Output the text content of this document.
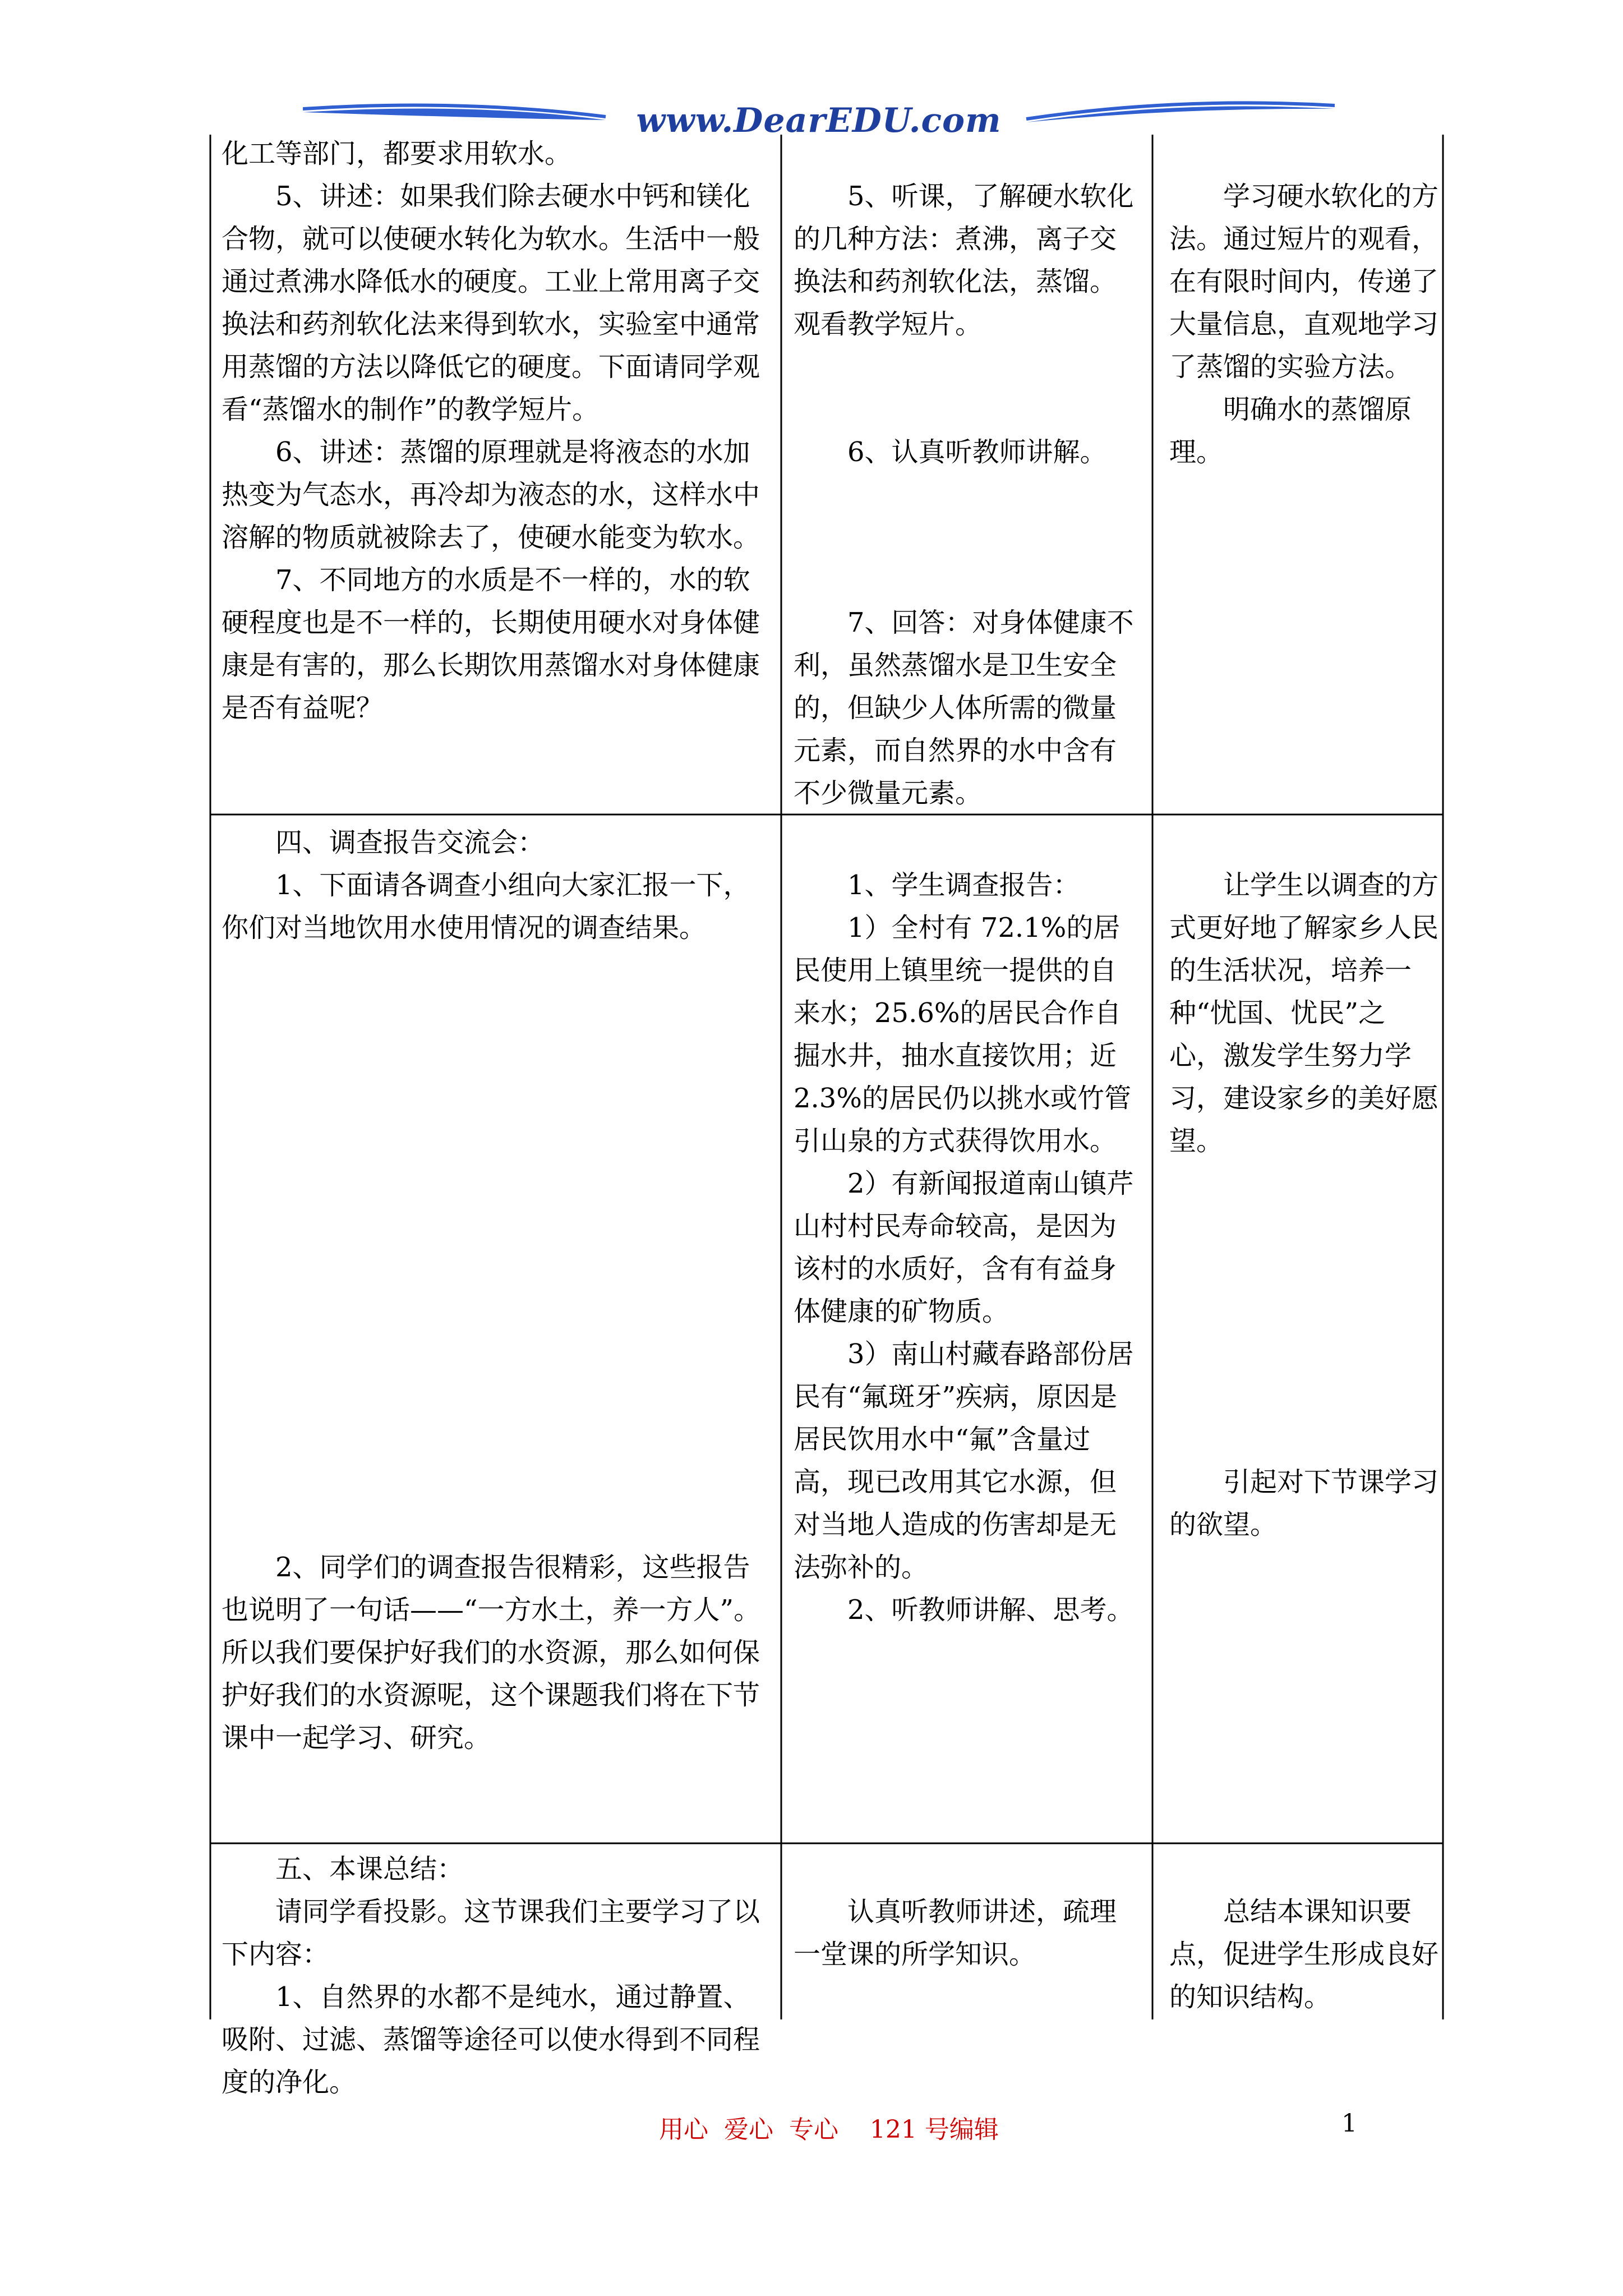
www.DearEDU.com

化工等部门，都要求用软水。

5、讲述：如果我们除去硬水中钙和镁化合物，就可以使硬水转化为软水。生活中一般通过煮沸水降低水的硬度。工业上常用离子交换法和药剂软化法来得到软水，实验室中通常用蒸馏的方法以降低它的硬度。下面请同学观看“蒸馏水的制作”的教学短片。

6、讲述：蒸馏的原理就是将液态的水加热变为气态水，再冷却为液态的水，这样水中溶解的物质就被除去了，使硬水能变为软水。

7、不同地方的水质是不一样的，水的软硬程度也是不一样的，长期使用硬水对身体健康是有害的，那么长期饮用蒸馏水对身体健康是否有益呢？

5、听课，了解硬水软化的几种方法：煮沸，离子交换法和药剂软化法，蒸馏。观看教学短片。

6、认真听教师讲解。

7、回答：对身体健康不利，虽然蒸馏水是卫生安全的，但缺少人体所需的微量元素，而自然界的水中含有不少微量元素。

学习硬水软化的方法。通过短片的观看，在有限时间内，传递了大量信息，直观地学习了蒸馏的实验方法。

明确水的蒸馏原理。

四、调查报告交流会：

1、下面请各调查小组向大家汇报一下，你们对当地饮用水使用情况的调查结果。

2、同学们的调查报告很精彩，这些报告也说明了一句话——“一方水土，养一方人”。所以我们要保护好我们的水资源，那么如何保护好我们的水资源呢，这个课题我们将在下节课中一起学习、研究。

1、学生调查报告：

1）全村有 72.1%的居民使用上镇里统一提供的自来水；25.6%的居民合作自掘水井，抽水直接饮用；近 2.3%的居民仍以挑水或竹管引山泉的方式获得饮用水。

2）有新闻报道南山镇芹山村村民寿命较高，是因为该村的水质好，含有有益身体健康的矿物质。

3）南山村藏春路部份居民有“氟斑牙”疾病，原因是居民饮用水中“氟”含量过高，现已改用其它水源，但对当地人造成的伤害却是无法弥补的。

2、听教师讲解、思考。

让学生以调查的方式更好地了解家乡人民的生活状况，培养一种“忧国、忧民”之心，激发学生努力学习，建设家乡的美好愿望。

引起对下节课学习的欲望。

五、本课总结：

请同学看投影。这节课我们主要学习了以下内容：

1、自然界的水都不是纯水，通过静置、吸附、过滤、蒸馏等途径可以使水得到不同程度的净化。

认真听教师讲述，疏理一堂课的所学知识。

总结本课知识要点，促进学生形成良好的知识结构。

用心  爱心  专心    121 号编辑	1
